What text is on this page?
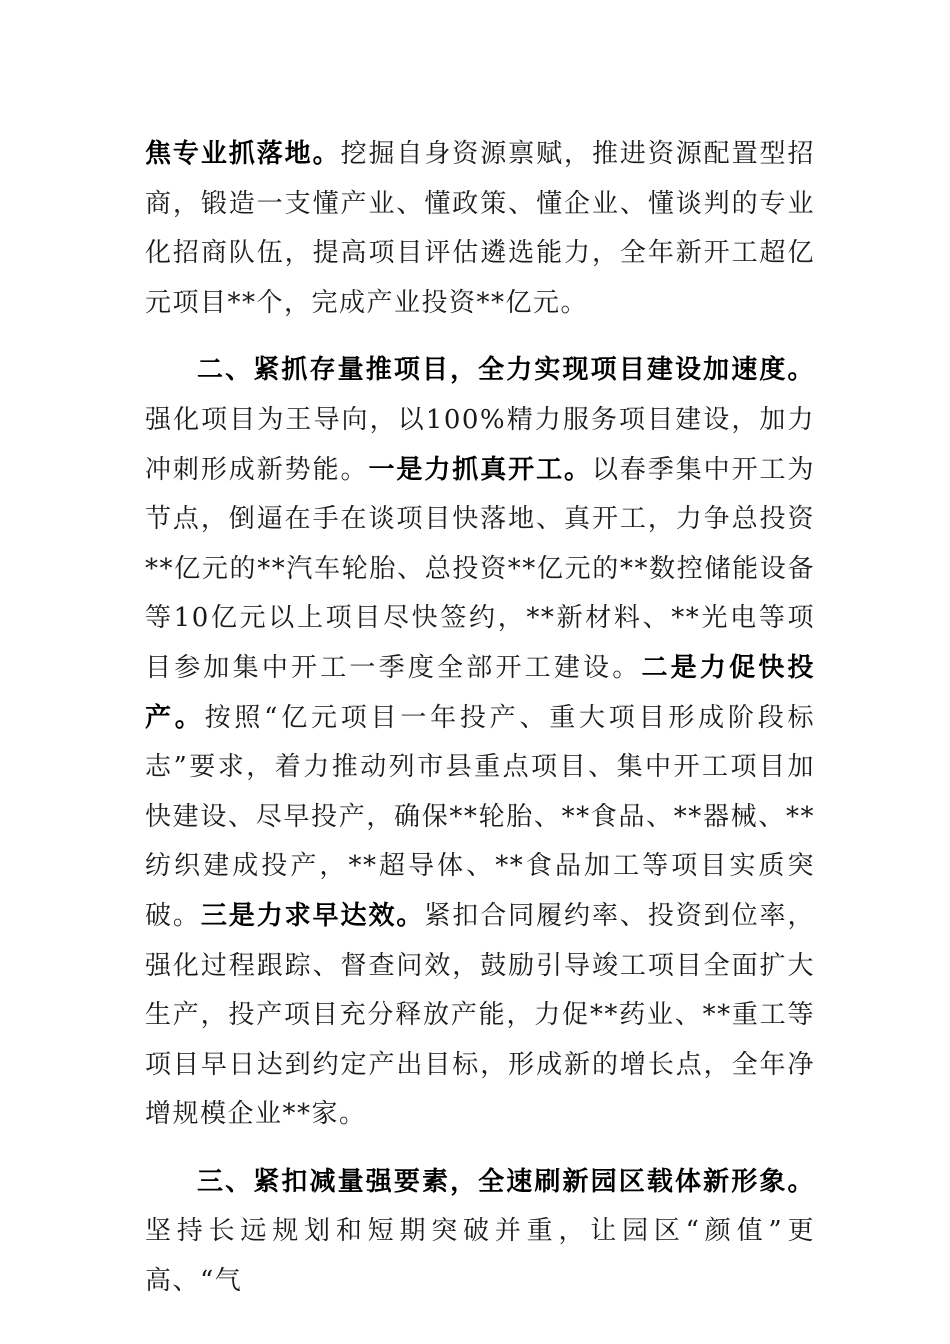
焦专业抓落地。挖掘自身资源禀赋，推进资源配置型招商，锻造一支懂产业、懂政策、懂企业、懂谈判的专业化招商队伍，提高项目评估遴选能力，全年新开工超亿元项目**个，完成产业投资**亿元。

二、紧抓存量推项目，全力实现项目建设加速度。强化项目为王导向，以100%精力服务项目建设，加力冲刺形成新势能。一是力抓真开工。以春季集中开工为节点，倒逼在手在谈项目快落地、真开工，力争总投资**亿元的**汽车轮胎、总投资**亿元的**数控储能设备等10亿元以上项目尽快签约，**新材料、**光电等项目参加集中开工一季度全部开工建设。二是力促快投产。按照“亿元项目一年投产、重大项目形成阶段标志”要求，着力推动列市县重点项目、集中开工项目加快建设、尽早投产，确保**轮胎、**食品、**器械、**纺织建成投产，**超导体、**食品加工等项目实质突破。三是力求早达效。紧扣合同履约率、投资到位率，强化过程跟踪、督查问效，鼓励引导竣工项目全面扩大生产，投产项目充分释放产能，力促**药业、**重工等项目早日达到约定产出目标，形成新的增长点，全年净增规模企业**家。

三、紧扣减量强要素，全速刷新园区载体新形象。坚持长远规划和短期突破并重，让园区“颜值”更高、“气
